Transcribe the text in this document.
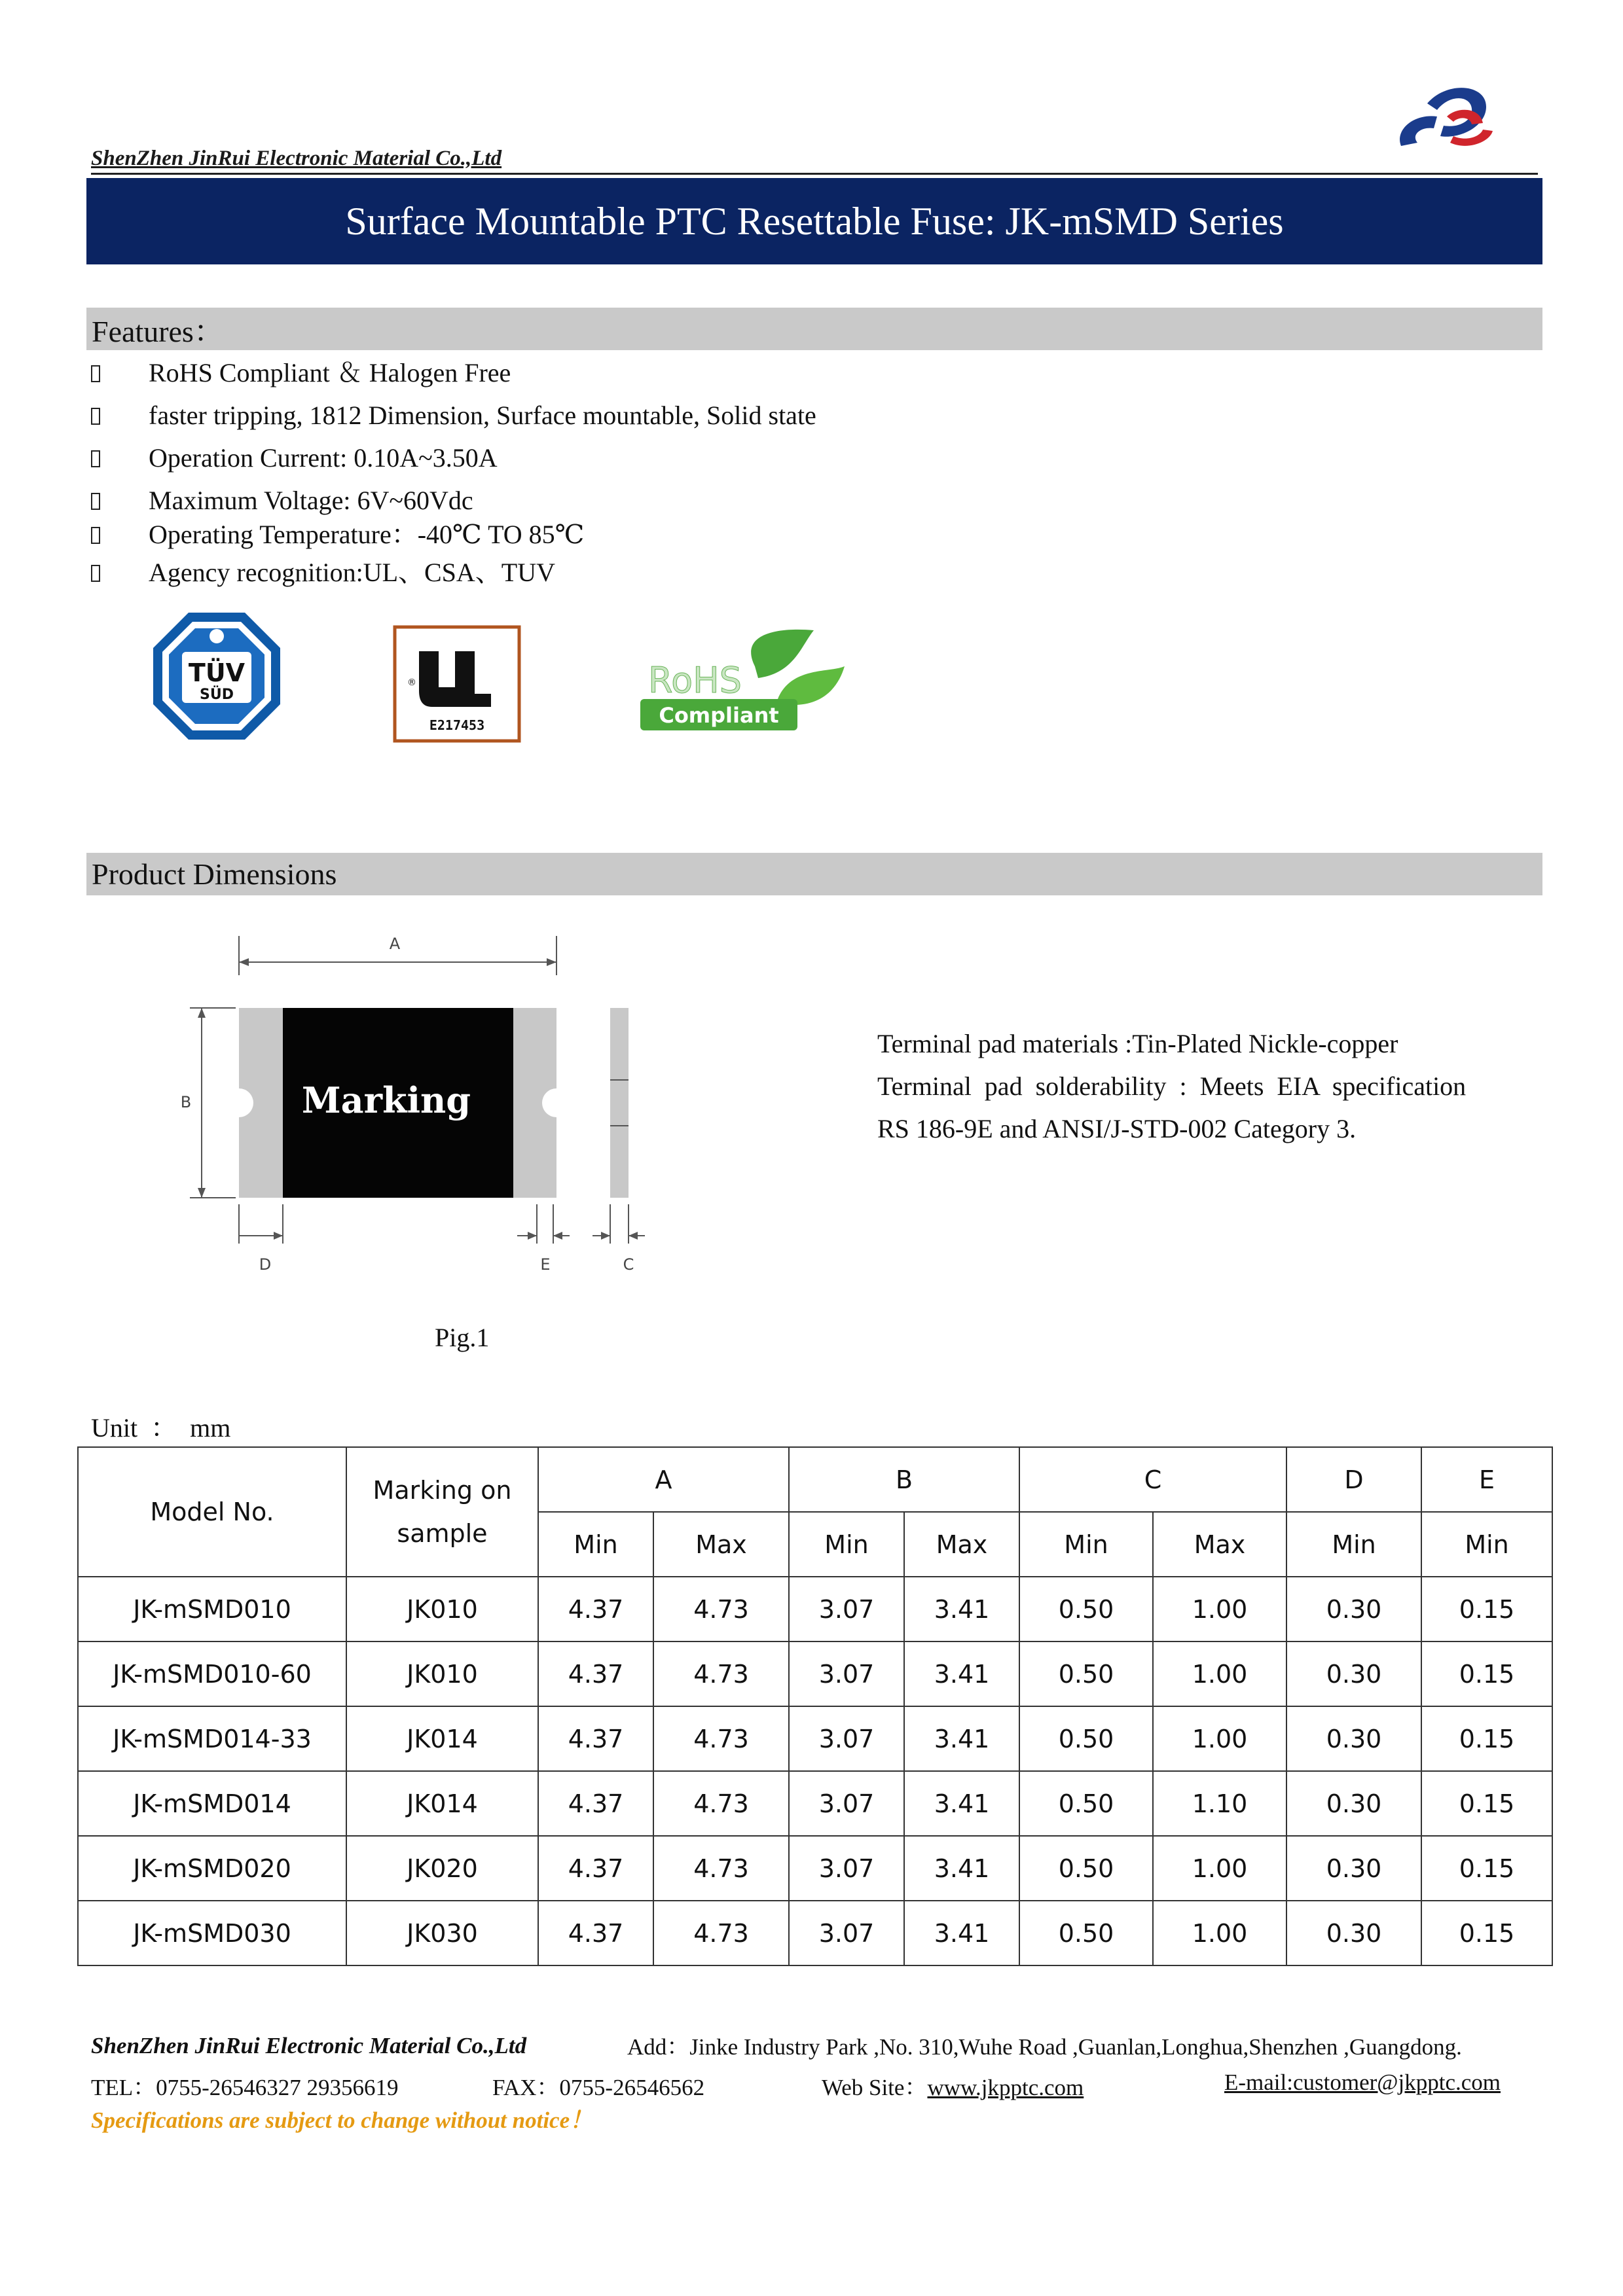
ShenZhen JinRui Electronic Material Co.,Ltd
Surface Mountable PTC Resettable Fuse: JK-mSMD Series
Features：
RoHS Compliant ＆ Halogen Free
faster tripping, 1812 Dimension, Surface mountable, Solid state
Operation Current: 0.10A~3.50A
Maximum Voltage: 6V~60Vdc
Operating Temperature：-40℃ TO 85℃
Agency recognition:UL、CSA、TUV
TÜV
SÜD
®
E217453
RoHS
Compliant
Product Dimensions
A
B	Marking
D	E	C
Pig.1
Terminal pad materials :Tin-Plated Nickle-copper
Terminal  pad  solderability  :  Meets  EIA  specification
RS 186-9E and ANSI/J-STD-002 Category 3.
Unit  ：  mm
Model No.	Marking on sample	A		B		C		D	E
		Min	Max	Min	Max	Min	Max	Min	Min
JK-mSMD010	JK010	4.37	4.73	3.07	3.41	0.50	1.00	0.30	0.15
JK-mSMD010-60	JK010	4.37	4.73	3.07	3.41	0.50	1.00	0.30	0.15
JK-mSMD014-33	JK014	4.37	4.73	3.07	3.41	0.50	1.00	0.30	0.15
JK-mSMD014	JK014	4.37	4.73	3.07	3.41	0.50	1.10	0.30	0.15
JK-mSMD020	JK020	4.37	4.73	3.07	3.41	0.50	1.00	0.30	0.15
JK-mSMD030	JK030	4.37	4.73	3.07	3.41	0.50	1.00	0.30	0.15
ShenZhen JinRui Electronic Material Co.,Ltd	Add：Jinke Industry Park ,No. 310,Wuhe Road ,Guanlan,Longhua,Shenzhen ,Guangdong.
TEL：0755-26546327 29356619	FAX：0755-26546562	Web Site：www.jkpptc.com	E-mail:customer@jkpptc.com
Specifications are subject to change without notice！
